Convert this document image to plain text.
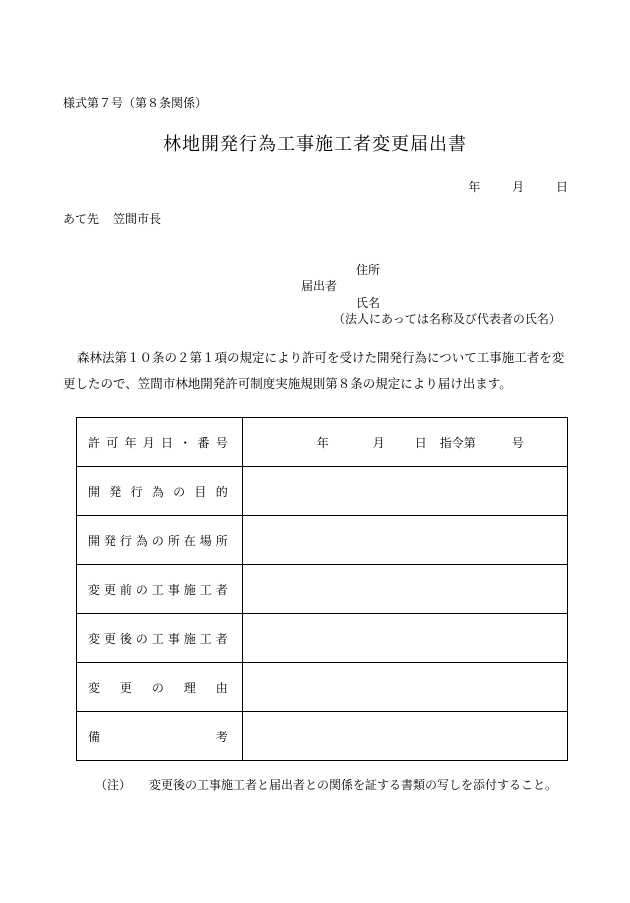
様式第７号（第８条関係）
林地開発行為工事施工者変更届出書
年	月	日
あて先 笠間市長
住所
届出者
氏名
（法人にあっては名称及び代表者の氏名）
森林法第１０条の２第１項の規定により許可を受けた開発行為について工事施工者を変更したので、笠間市林地開発許可制度実施規則第８条の規定により届け出ます。
許可年月日・番号	年 月 日 指令第 号

開発行為の目的	

開発行為の所在場所	

変更前の工事施工者	

変更後の工事施工者	

変更の理由	

備考	

（注） 変更後の工事施工者と届出者との関係を証する書類の写しを添付すること。
